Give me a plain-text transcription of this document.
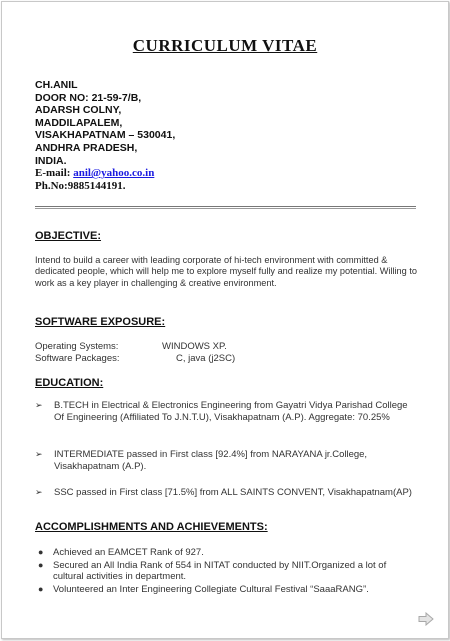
CURRICULUM VITAE
CH.ANIL
DOOR NO: 21-59-7/B,
ADARSH COLNY,
MADDILAPALEM,
VISAKHAPATNAM – 530041,
ANDHRA PRADESH,
INDIA.
E-mail: anil@yahoo.co.in
Ph.No:9885144191.
OBJECTIVE:
Intend to build a career with leading corporate of hi-tech environment with committed & dedicated people, which will help me to explore myself fully and realize my potential. Willing to work as a key player in challenging & creative environment.
SOFTWARE EXPOSURE:
Operating Systems:	WINDOWS XP.
Software Packages:	C, java (j2SC)
EDUCATION:
➢ B.TECH in Electrical & Electronics Engineering from Gayatri Vidya Parishad College Of Engineering (Affiliated To J.N.T.U), Visakhapatnam (A.P). Aggregate: 70.25%
➢ INTERMEDIATE passed in First class [92.4%] from NARAYANA jr.College, Visakhapatnam (A.P).
➢ SSC passed in First class [71.5%] from ALL SAINTS CONVENT, Visakhapatnam(AP)
ACCOMPLISHMENTS AND ACHIEVEMENTS:
● Achieved an EAMCET Rank of 927.
● Secured an All India Rank of 554 in NITAT conducted by NIIT.Organized a lot of cultural activities in department.
● Volunteered an Inter Engineering Collegiate Cultural Festival “SaaaRANG”.
